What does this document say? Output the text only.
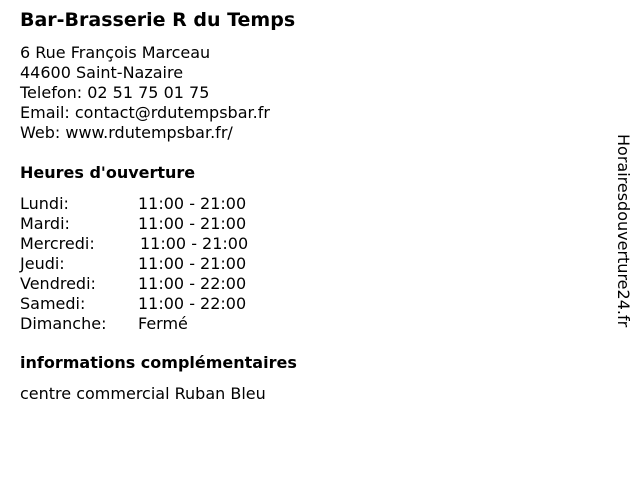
Bar-Brasserie R du Temps
6 Rue François Marceau
44600 Saint-Nazaire
Telefon: 02 51 75 01 75
Email: contact@rdutempsbar.fr
Web: www.rdutempsbar.fr/
Heures d'ouverture
Lundi:	11:00 - 21:00
Mardi:	11:00 - 21:00
Mercredi:	11:00 - 21:00
Jeudi:	11:00 - 21:00
Vendredi:	11:00 - 22:00
Samedi:	11:00 - 22:00
Dimanche:	Fermé
informations complémentaires
centre commercial Ruban Bleu
Horairesdouverture24.fr
